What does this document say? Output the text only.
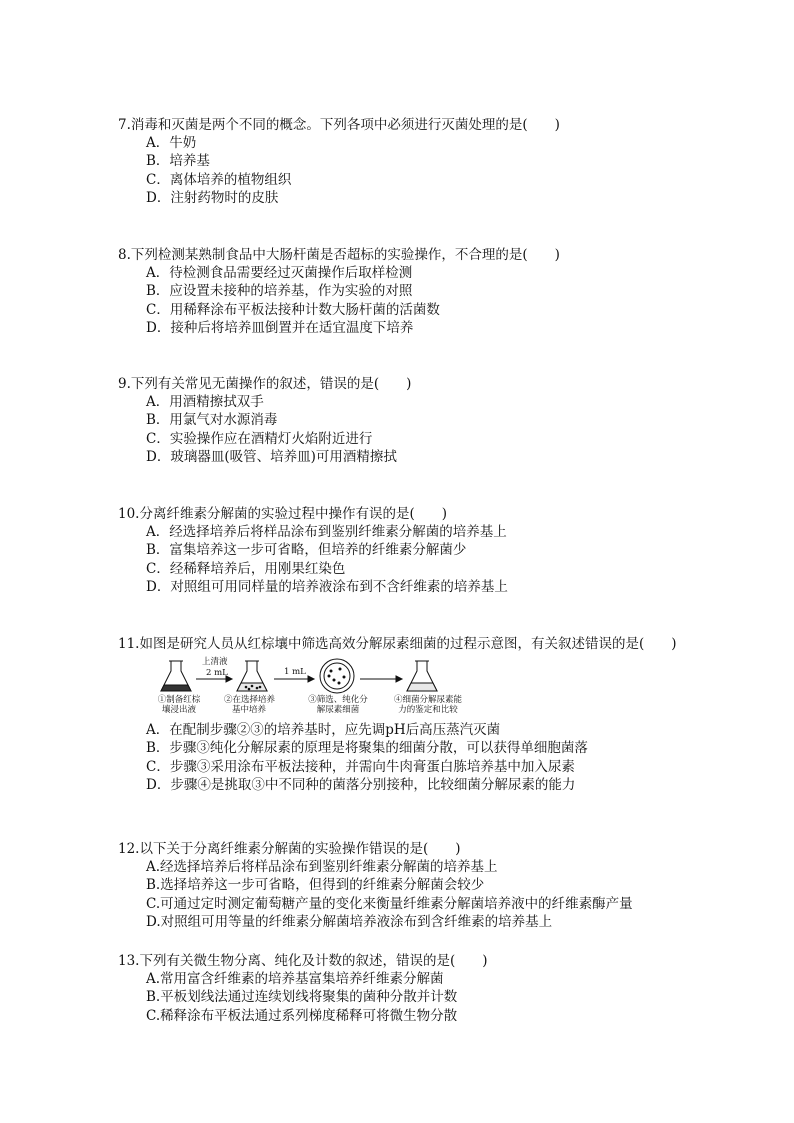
7.消毒和灭菌是两个不同的概念。下列各项中必须进行灭菌处理的是(　　)
A．牛奶
B．培养基
C．离体培养的植物组织
D．注射药物时的皮肤
8.下列检测某熟制食品中大肠杆菌是否超标的实验操作，不合理的是(　　)
A．待检测食品需要经过灭菌操作后取样检测
B．应设置未接种的培养基，作为实验的对照
C．用稀释涂布平板法接种计数大肠杆菌的活菌数
D．接种后将培养皿倒置并在适宜温度下培养
9.下列有关常见无菌操作的叙述，错误的是(　　)
A．用酒精擦拭双手
B．用氯气对水源消毒
C．实验操作应在酒精灯火焰附近进行
D．玻璃器皿(吸管、培养皿)可用酒精擦拭
10.分离纤维素分解菌的实验过程中操作有误的是(　　)
A．经选择培养后将样品涂布到鉴别纤维素分解菌的培养基上
B．富集培养这一步可省略，但培养的纤维素分解菌少
C．经稀释培养后，用刚果红染色
D．对照组可用同样量的培养液涂布到不含纤维素的培养基上
11.如图是研究人员从红棕壤中筛选高效分解尿素细菌的过程示意图，有关叙述错误的是(　　)
上清液
2 mL	1 mL
①制备红棕
壤浸出液
②在选择培养
基中培养
③筛选、纯化分
解尿素细菌
④细菌分解尿素能
力的鉴定和比较
A．在配制步骤②③的培养基时，应先调pH后高压蒸汽灭菌
B．步骤③纯化分解尿素的原理是将聚集的细菌分散，可以获得单细胞菌落
C．步骤③采用涂布平板法接种，并需向牛肉膏蛋白胨培养基中加入尿素
D．步骤④是挑取③中不同种的菌落分别接种，比较细菌分解尿素的能力
12.以下关于分离纤维素分解菌的实验操作错误的是(　　)
A.经选择培养后将样品涂布到鉴别纤维素分解菌的培养基上
B.选择培养这一步可省略，但得到的纤维素分解菌会较少
C.可通过定时测定葡萄糖产量的变化来衡量纤维素分解菌培养液中的纤维素酶产量
D.对照组可用等量的纤维素分解菌培养液涂布到含纤维素的培养基上
13.下列有关微生物分离、纯化及计数的叙述，错误的是(　　)
A.常用富含纤维素的培养基富集培养纤维素分解菌
B.平板划线法通过连续划线将聚集的菌种分散并计数
C.稀释涂布平板法通过系列梯度稀释可将微生物分散
